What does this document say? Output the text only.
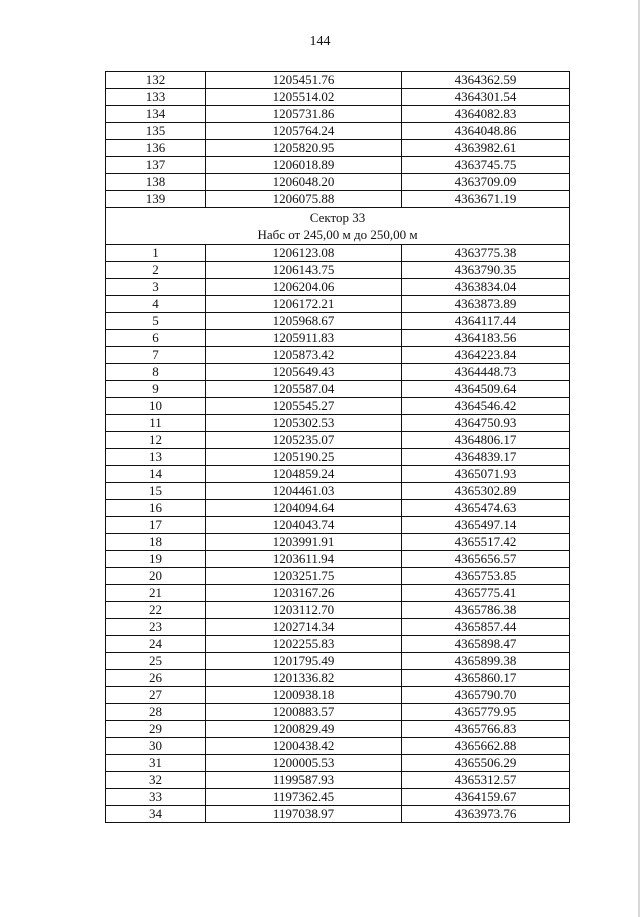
144
132	1205451.76	4364362.59
133	1205514.02	4364301.54
134	1205731.86	4364082.83
135	1205764.24	4364048.86
136	1205820.95	4363982.61
137	1206018.89	4363745.75
138	1206048.20	4363709.09
139	1206075.88	4363671.19

Сектор 33
Набс от 245,00 м до 250,00 м		

1	1206123.08	4363775.38
2	1206143.75	4363790.35
3	1206204.06	4363834.04
4	1206172.21	4363873.89
5	1205968.67	4364117.44
6	1205911.83	4364183.56
7	1205873.42	4364223.84
8	1205649.43	4364448.73
9	1205587.04	4364509.64
10	1205545.27	4364546.42
11	1205302.53	4364750.93
12	1205235.07	4364806.17
13	1205190.25	4364839.17
14	1204859.24	4365071.93
15	1204461.03	4365302.89
16	1204094.64	4365474.63
17	1204043.74	4365497.14
18	1203991.91	4365517.42
19	1203611.94	4365656.57
20	1203251.75	4365753.85
21	1203167.26	4365775.41
22	1203112.70	4365786.38
23	1202714.34	4365857.44
24	1202255.83	4365898.47
25	1201795.49	4365899.38
26	1201336.82	4365860.17
27	1200938.18	4365790.70
28	1200883.57	4365779.95
29	1200829.49	4365766.83
30	1200438.42	4365662.88
31	1200005.53	4365506.29
32	1199587.93	4365312.57
33	1197362.45	4364159.67
34	1197038.97	4363973.76
